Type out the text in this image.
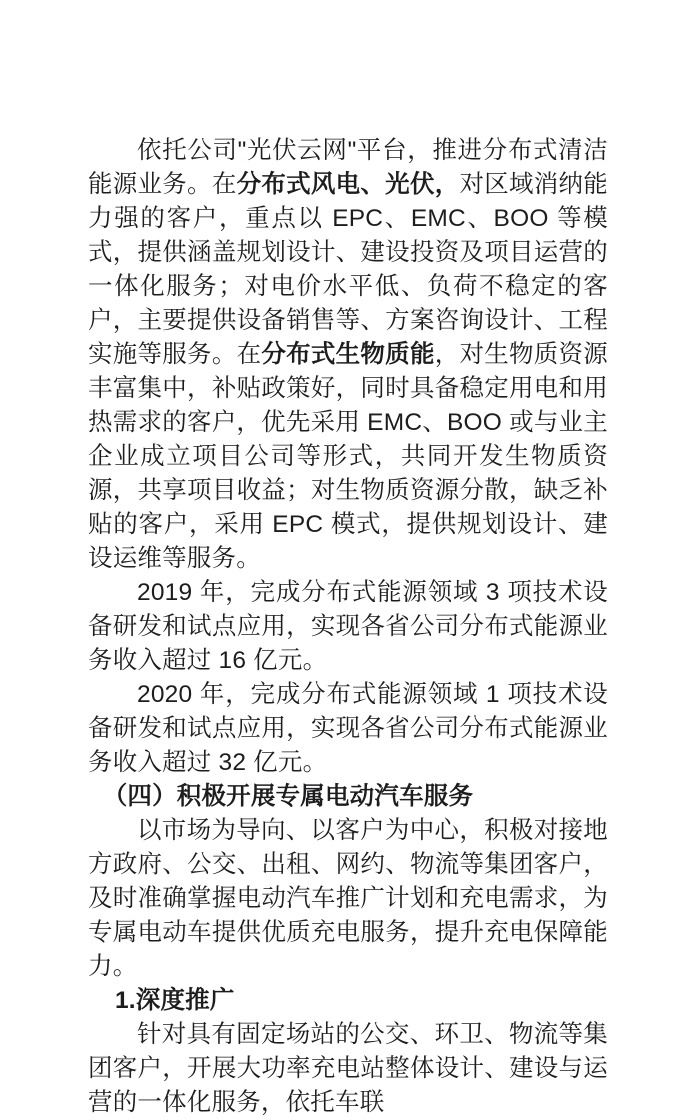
依托公司"光伏云网"平台，推进分布式清洁能源业务。在分布式风电、光伏，对区域消纳能力强的客户，重点以 EPC、EMC、BOO 等模式，提供涵盖规划设计、建设投资及项目运营的一体化服务；对电价水平低、负荷不稳定的客户，主要提供设备销售等、方案咨询设计、工程实施等服务。在分布式生物质能，对生物质资源丰富集中，补贴政策好，同时具备稳定用电和用热需求的客户，优先采用 EMC、BOO 或与业主企业成立项目公司等形式，共同开发生物质资源，共享项目收益；对生物质资源分散，缺乏补贴的客户，采用 EPC 模式，提供规划设计、建设运维等服务。

2019 年，完成分布式能源领域 3 项技术设备研发和试点应用，实现各省公司分布式能源业务收入超过 16 亿元。

2020 年，完成分布式能源领域 1 项技术设备研发和试点应用，实现各省公司分布式能源业务收入超过 32 亿元。

（四）积极开展专属电动汽车服务

以市场为导向、以客户为中心，积极对接地方政府、公交、出租、网约、物流等集团客户，及时准确掌握电动汽车推广计划和充电需求，为专属电动车提供优质充电服务，提升充电保障能力。

1.深度推广

针对具有固定场站的公交、环卫、物流等集团客户，开展大功率充电站整体设计、建设与运营的一体化服务，依托车联
